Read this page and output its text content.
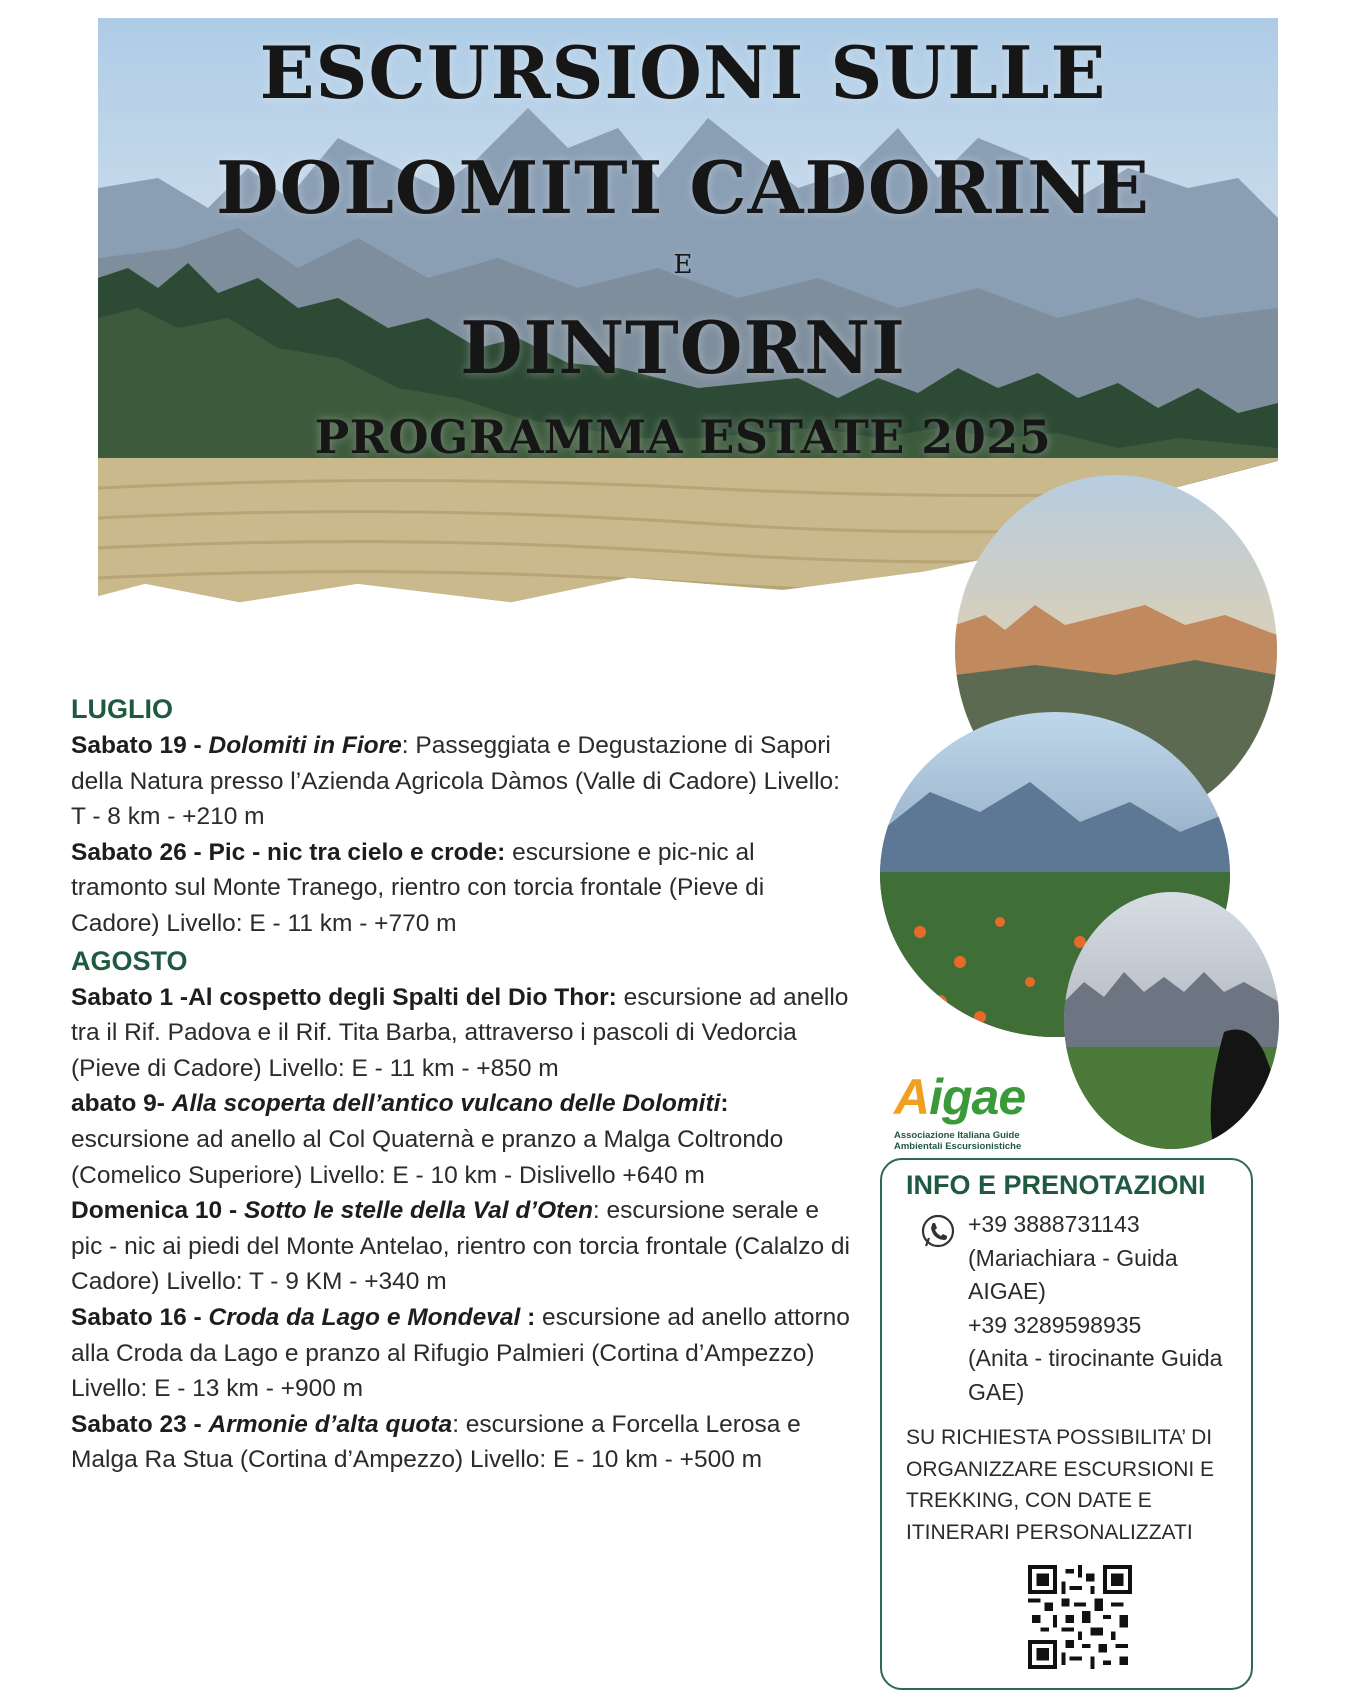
ESCURSIONI SULLE
DOLOMITI CADORINE
E
DINTORNI
PROGRAMMA ESTATE 2025

LUGLIO

Sabato 19 - Dolomiti in Fiore: Passeggiata e Degustazione di Sapori della Natura presso l’Azienda Agricola Dàmos (Valle di Cadore) Livello: T - 8 km - +210 m

Sabato 26 - Pic - nic tra cielo e crode: escursione e pic-nic al tramonto sul Monte Tranego, rientro con torcia frontale (Pieve di Cadore) Livello: E - 11 km - +770 m

AGOSTO

Sabato 1 -Al cospetto degli Spalti del Dio Thor: escursione ad anello tra il Rif. Padova e il Rif. Tita Barba, attraverso i pascoli di Vedorcia (Pieve di Cadore) Livello: E - 11 km - +850 m

abato 9- Alla scoperta dell’antico vulcano delle Dolomiti: escursione ad anello al Col Quaternà e pranzo a Malga Coltrondo (Comelico Superiore) Livello: E - 10 km - Dislivello +640 m

Domenica 10 - Sotto le stelle della Val d’Oten: escursione serale e pic - nic ai piedi del Monte Antelao, rientro con torcia frontale (Calalzo di Cadore) Livello: T - 9 KM - +340 m

Sabato 16 - Croda da Lago e Mondeval : escursione ad anello attorno alla Croda da Lago e pranzo al Rifugio Palmieri (Cortina d’Ampezzo) Livello: E - 13 km - +900 m

Sabato 23 - Armonie d’alta quota: escursione a Forcella Lerosa e Malga Ra Stua (Cortina d’Ampezzo) Livello: E - 10 km - +500 m

Aigae
Associazione Italiana Guide
Ambientali Escursionistiche
INFO E PRENOTAZIONI

+39 3888731143

(Mariachiara - Guida AIGAE)

+39 3289598935

(Anita - tirocinante Guida GAE)

SU RICHIESTA POSSIBILITA’ DI ORGANIZZARE ESCURSIONI E TREKKING, CON DATE E ITINERARI PERSONALIZZATI
